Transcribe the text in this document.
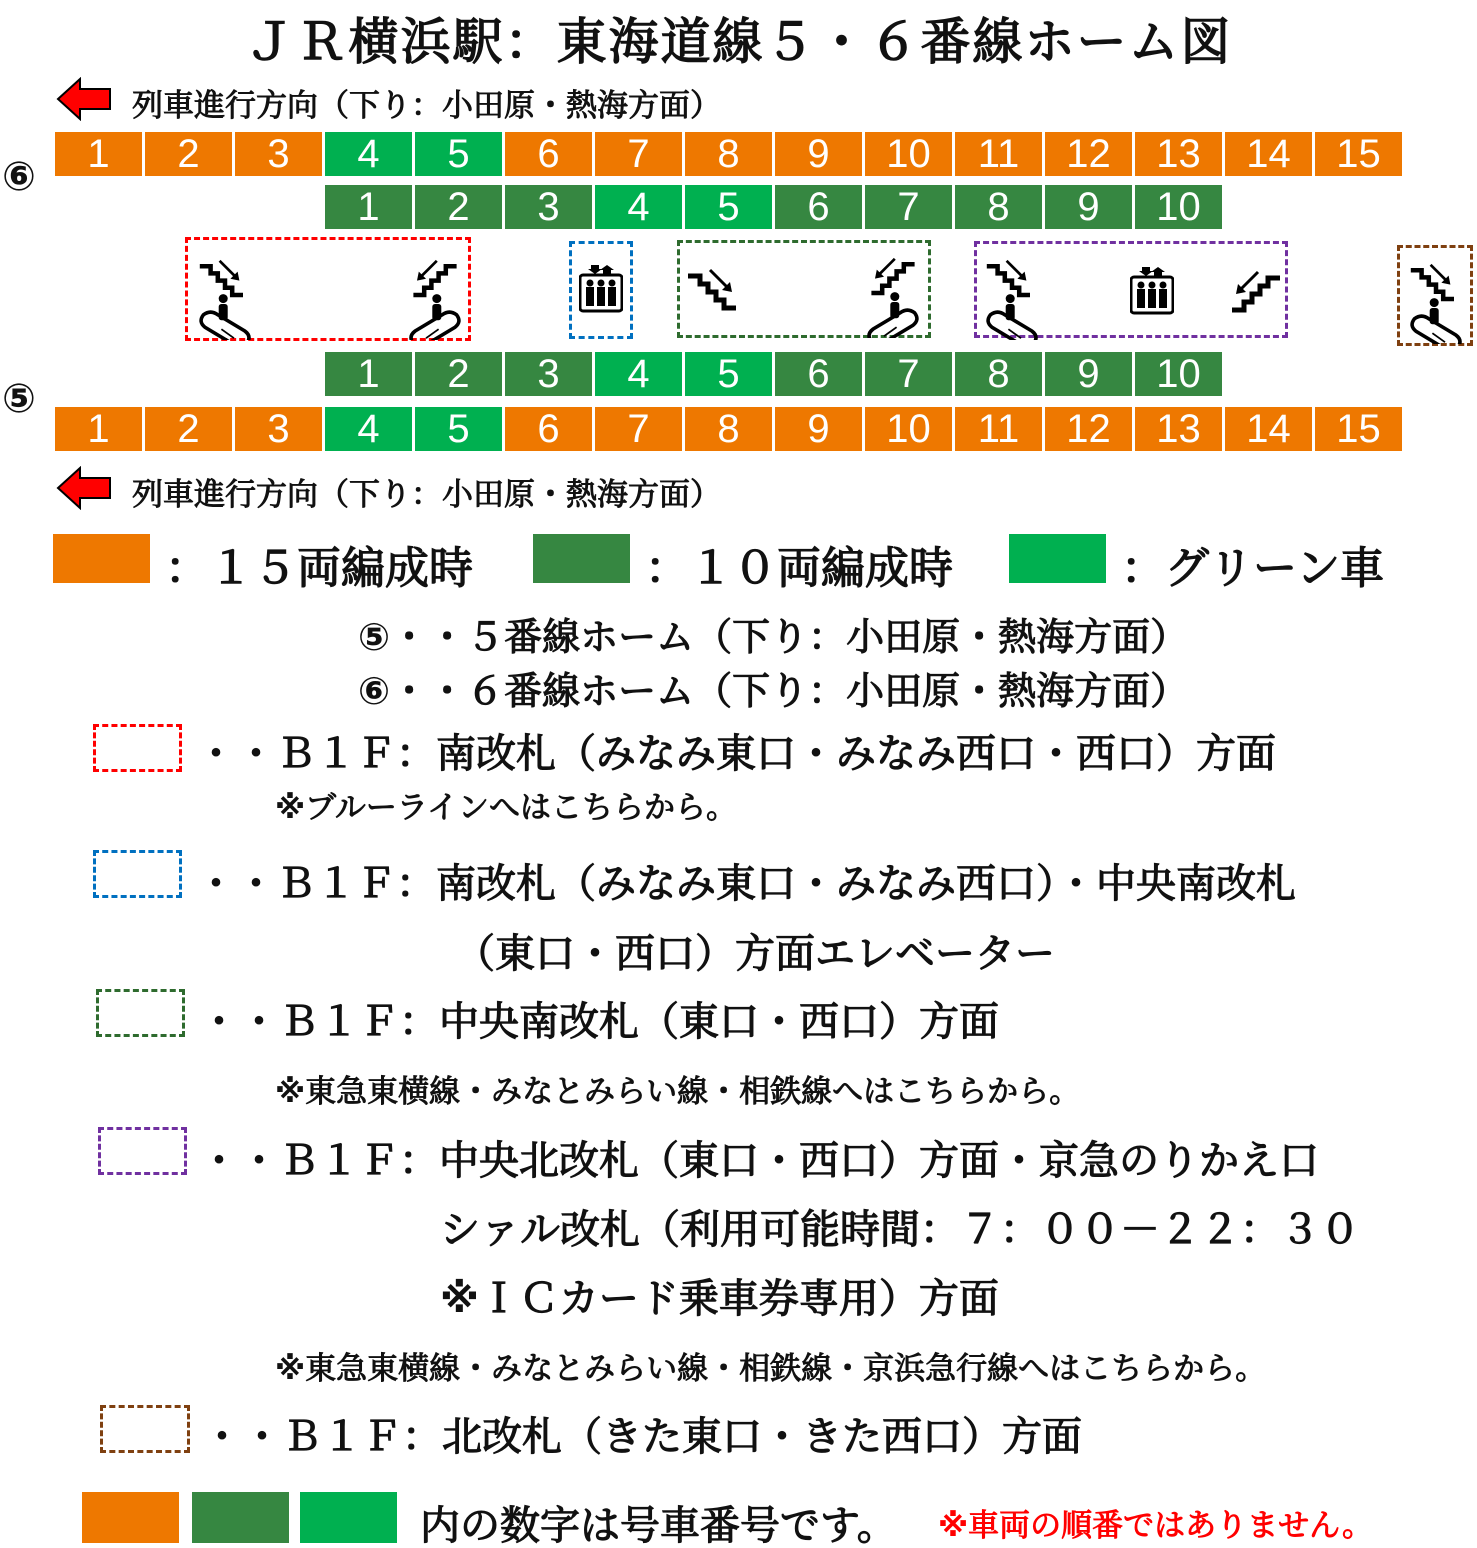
ＪＲ横浜駅：東海道線５・６番線ホーム図
列車進行方向（下り：小田原・熱海方面）
⑥	1	2	3	4	5	6	7	8	9	10	11	12	13	14	15
1	2	3	4	5	6	7	8	9	10
⑤
1	2	3	4	5	6	7	8	9	10
1	2	3	4	5	6	7	8	9	10	11	12	13	14	15
列車進行方向（下り：小田原・熱海方面）
：１５両編成時	：１０両編成時	：グリーン車
⑤・・５番線ホーム（下り：小田原・熱海方面）
⑥・・６番線ホーム（下り：小田原・熱海方面）
・・Ｂ１Ｆ：南改札（みなみ東口・みなみ西口・西口）方面
※ブルーラインへはこちらから。
・・Ｂ１Ｆ：南改札（みなみ東口・みなみ西口）・中央南改札
（東口・西口）方面エレベーター
・・Ｂ１Ｆ：中央南改札（東口・西口）方面
※東急東横線・みなとみらい線・相鉄線へはこちらから。
・・Ｂ１Ｆ：中央北改札（東口・西口）方面・京急のりかえ口
シァル改札（利用可能時間：７：００－２２：３０
※ＩＣカード乗車券専用）方面
※東急東横線・みなとみらい線・相鉄線・京浜急行線へはこちらから。
・・Ｂ１Ｆ：北改札（きた東口・きた西口）方面
内の数字は号車番号です。 ※車両の順番ではありません。
